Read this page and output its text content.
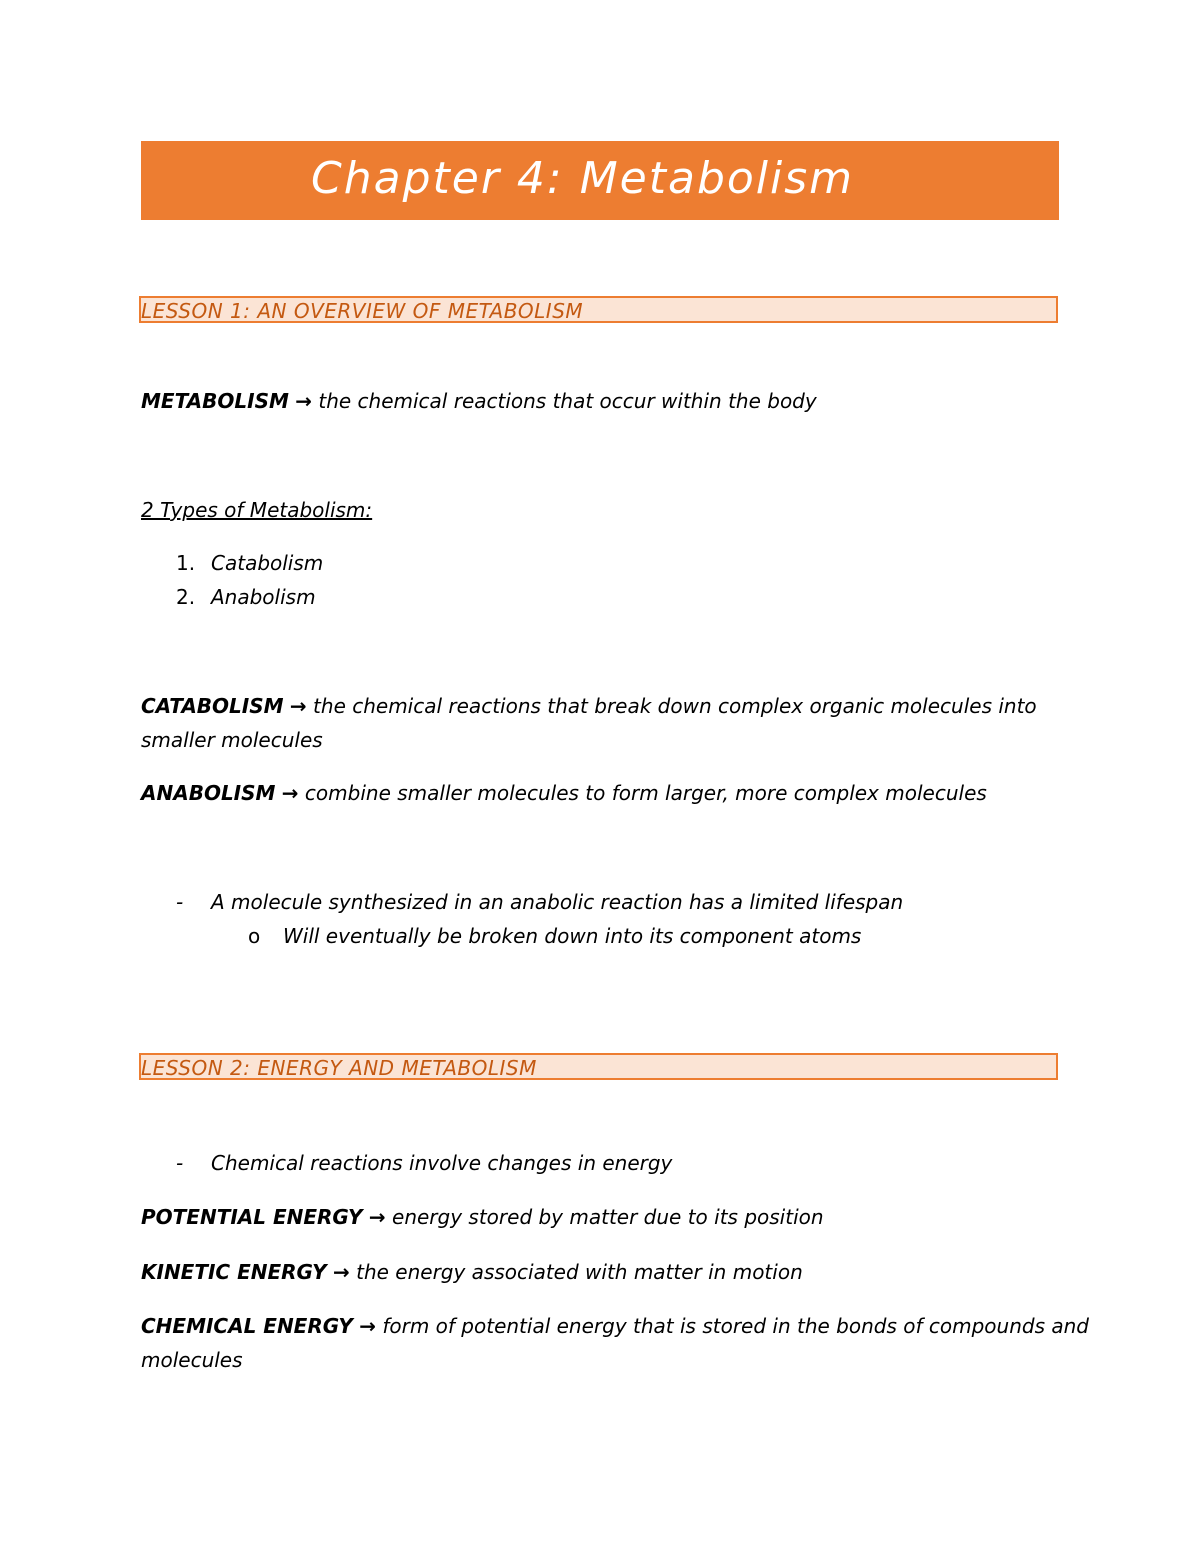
Chapter 4: Metabolism
LESSON 1: AN OVERVIEW OF METABOLISM
METABOLISM → the chemical reactions that occur within the body
2 Types of Metabolism:
1. Catabolism
2. Anabolism
CATABOLISM → the chemical reactions that break down complex organic molecules into
smaller molecules
ANABOLISM → combine smaller molecules to form larger, more complex molecules
- A molecule synthesized in an anabolic reaction has a limited lifespan
o Will eventually be broken down into its component atoms
LESSON 2: ENERGY AND METABOLISM
- Chemical reactions involve changes in energy
POTENTIAL ENERGY → energy stored by matter due to its position
KINETIC ENERGY → the energy associated with matter in motion
CHEMICAL ENERGY → form of potential energy that is stored in the bonds of compounds and
molecules
